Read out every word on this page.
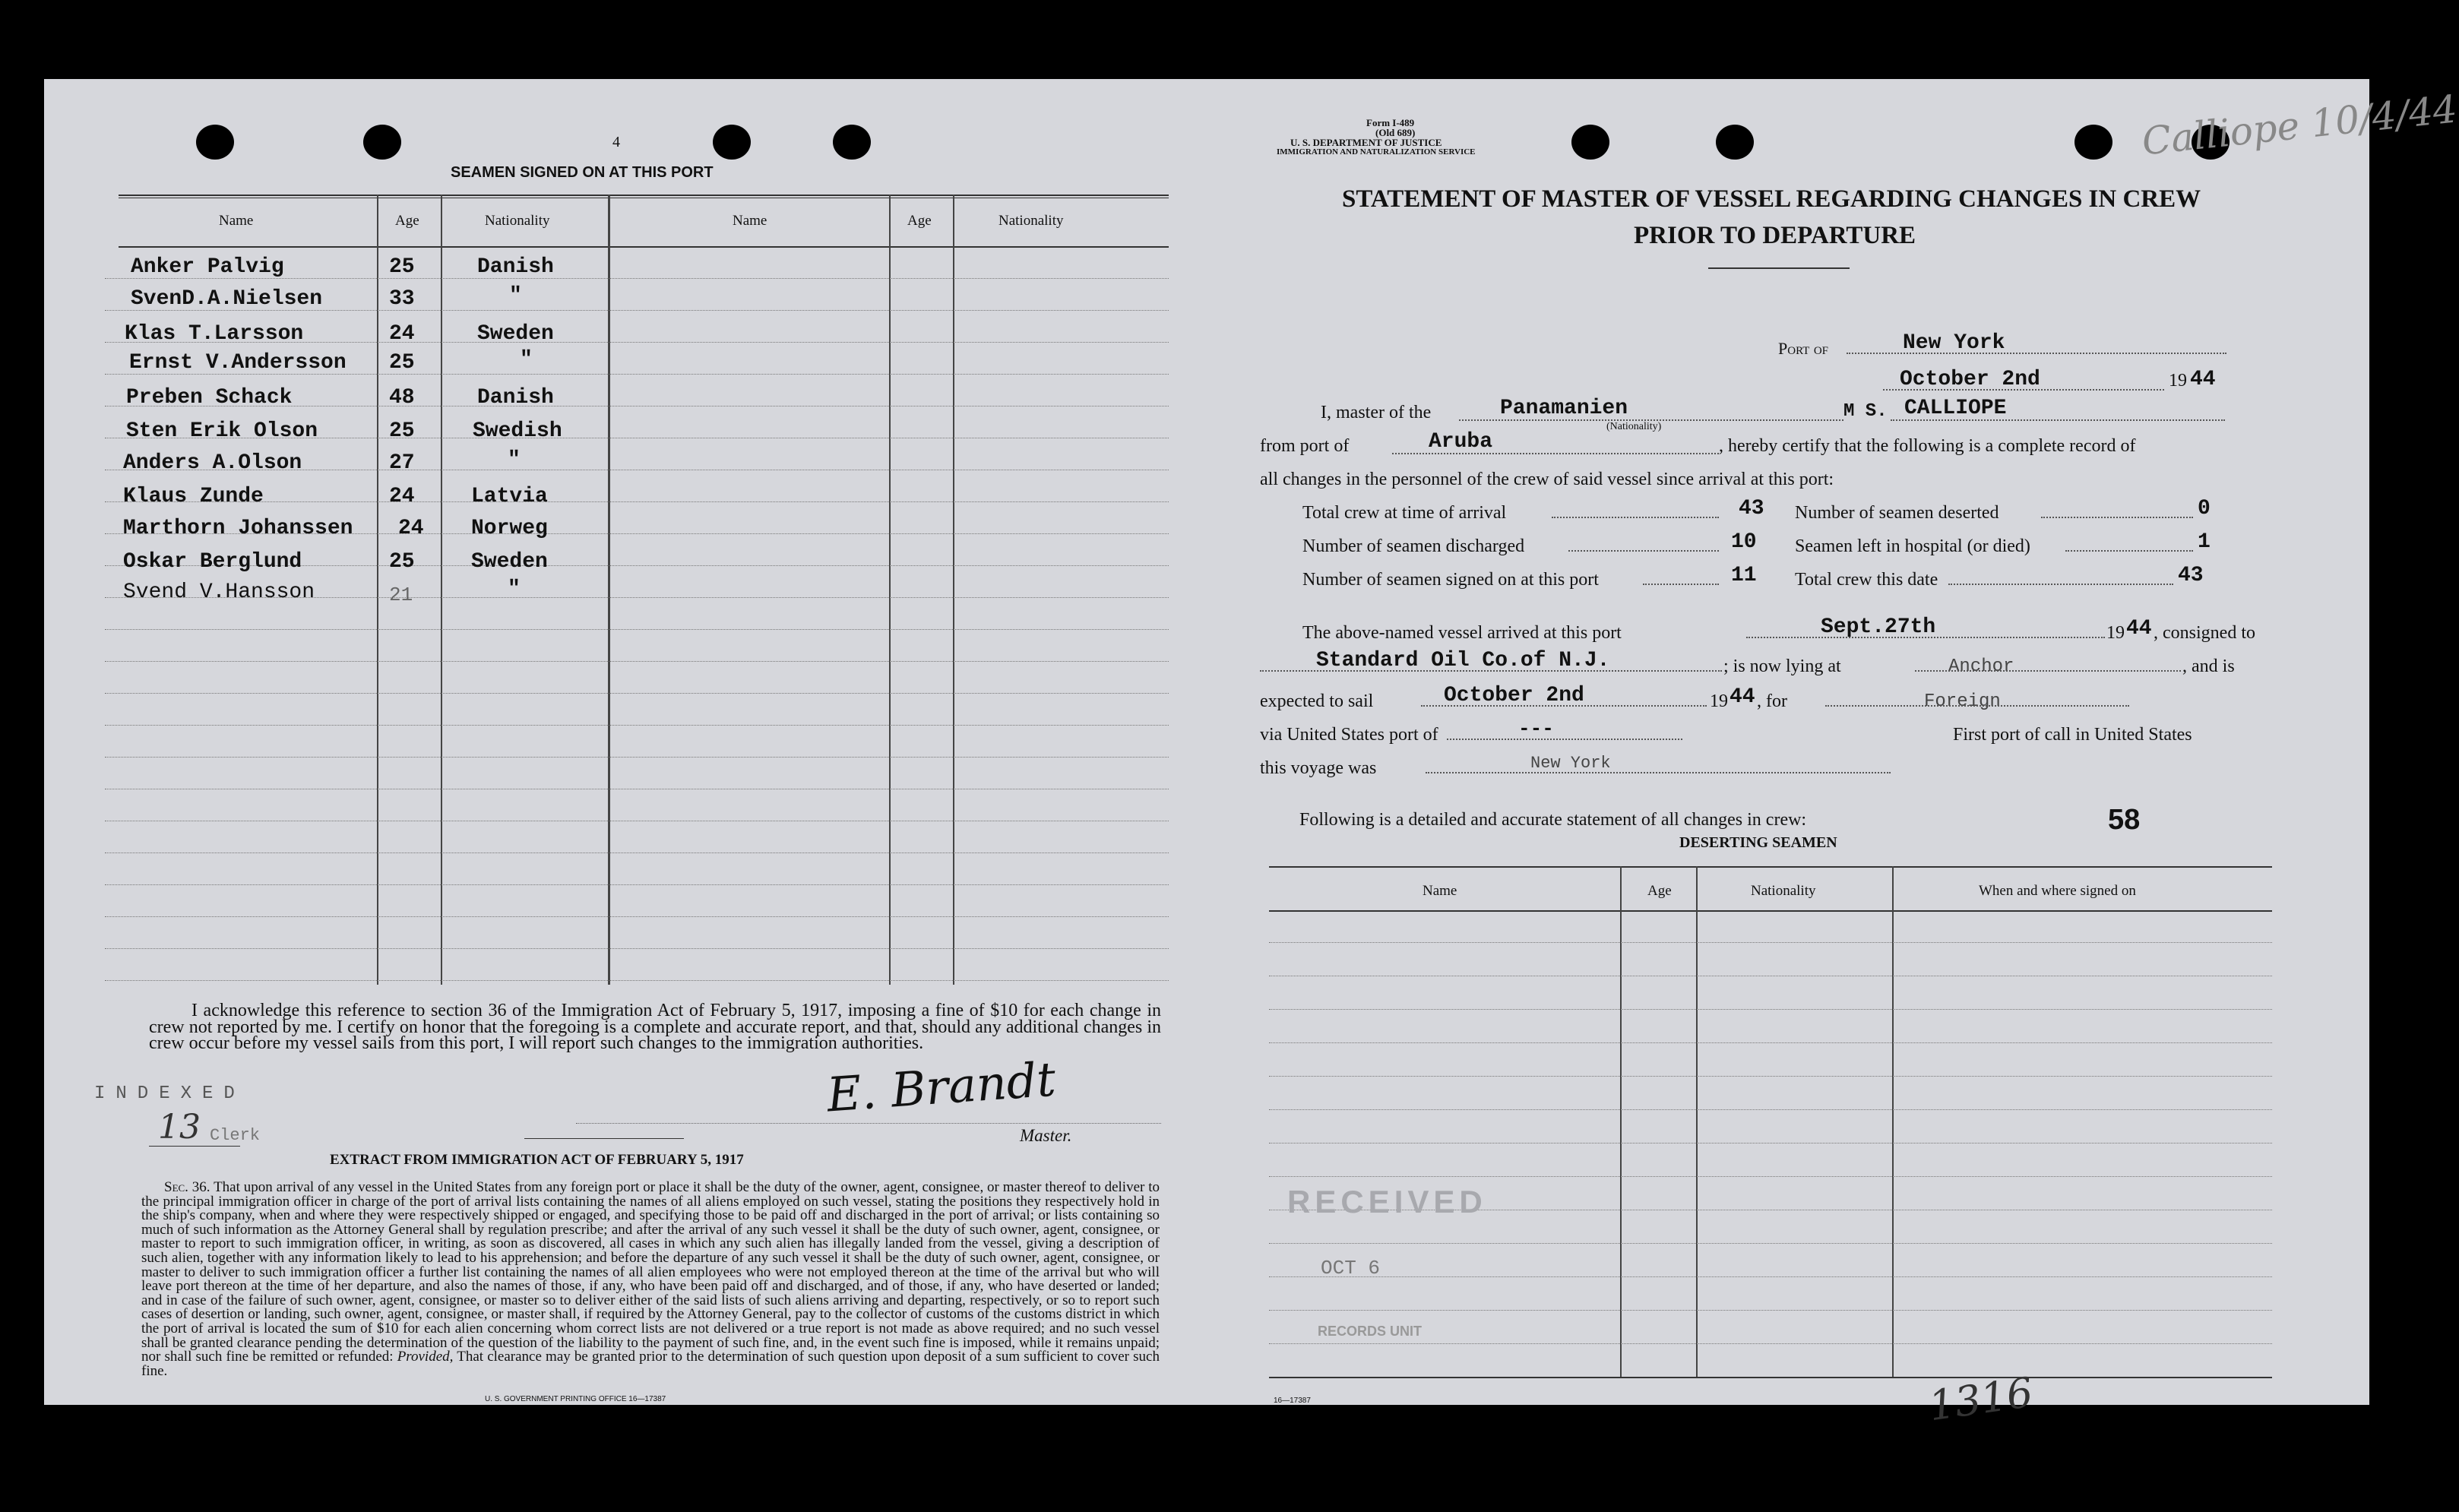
4
SEAMEN SIGNED ON AT THIS PORT
Name	Age	Nationality	Name	Age	Nationality
Anker Palvig	25	Danish
SvenD.A.Nielsen	33	"
Klas T.Larsson	24	Sweden
Ernst V.Andersson 25	"
Preben Schack	48	Danish
Sten Erik Olson	25	Swedish
Anders A.Olson	27	"
Klaus Zunde	24	Latvia
Marthorn Johanssen 24 Norweg
Oskar Berglund	25	Sweden
Svend V.Hansson	21	"
I acknowledge this reference to section 36 of the Immigration Act of February 5, 1917, imposing a fine of $10 for each change in crew not reported by me. I certify on honor that the foregoing is a complete and accurate report, and that, should any additional changes in crew occur before my vessel sails from this port, I will report such changes to the immigration authorities.
INDEXED
13 Clerk
E. Brandt
Master.
EXTRACT FROM IMMIGRATION ACT OF FEBRUARY 5, 1917
Sec. 36. That upon arrival of any vessel in the United States from any foreign port or place it shall be the duty of the owner, agent, consignee, or master thereof to deliver to the principal immigration officer in charge of the port of arrival lists containing the names of all aliens employed on such vessel, stating the positions they respectively hold in the ship's company, when and where they were respectively shipped or engaged, and specifying those to be paid off and discharged in the port of arrival; or lists containing so much of such information as the Attorney General shall by regulation prescribe; and after the arrival of any such vessel it shall be the duty of such owner, agent, consignee, or master to report to such immigration officer, in writing, as soon as discovered, all cases in which any such alien has illegally landed from the vessel, giving a description of such alien, together with any information likely to lead to his apprehension; and before the departure of any such vessel it shall be the duty of such owner, agent, consignee, or master to deliver to such immigration officer a further list containing the names of all alien employees who were not employed thereon at the time of the arrival but who will leave port thereon at the time of her departure, and also the names of those, if any, who have been paid off and discharged, and of those, if any, who have deserted or landed; and in case of the failure of such owner, agent, consignee, or master so to deliver either of the said lists of such aliens arriving and departing, respectively, or so to report such cases of desertion or landing, such owner, agent, consignee, or master shall, if required by the Attorney General, pay to the collector of customs of the customs district in which the port of arrival is located the sum of $10 for each alien concerning whom correct lists are not delivered or a true report is not made as above required; and no such vessel shall be granted clearance pending the determination of the question of the liability to the payment of such fine, and, in the event such fine is imposed, while it remains unpaid; nor shall such fine be remitted or refunded: Provided, That clearance may be granted prior to the determination of such question upon deposit of a sum sufficient to cover such fine.
U. S. GOVERNMENT PRINTING OFFICE 16—17387
Form I-489
(Old 689)
U. S. DEPARTMENT OF JUSTICE
IMMIGRATION AND NATURALIZATION SERVICE
STATEMENT OF MASTER OF VESSEL REGARDING CHANGES IN CREW
PRIOR TO DEPARTURE
Port of	New York
October 2nd	19 44
I, master of the	Panamanien
(Nationality)
M S. CALLIOPE
from port of	Aruba	, hereby certify that the following is a complete record of
all changes in the personnel of the crew of said vessel since arrival at this port:
Total crew at time of arrival	43 Number of seamen deserted	0
Number of seamen discharged	10 Seamen left in hospital (or died)	1
Number of seamen signed on at this port	11 Total crew this date	43
The above-named vessel arrived at this port	Sept.27th	19 44 , consigned to
Standard Oil Co.of N.J.	; is now lying at	Anchor	, and is
expected to sail	October 2nd	19 44 , for	Foreign
via United States port of	---	First port of call in United States
this voyage was	New York
Following is a detailed and accurate statement of all changes in crew:	58
DESERTING SEAMEN
Name	Age	Nationality	When and where signed on
RECEIVED
OCT 6
RECORDS UNIT
16—17387	1316
Calliope 10/4/44
